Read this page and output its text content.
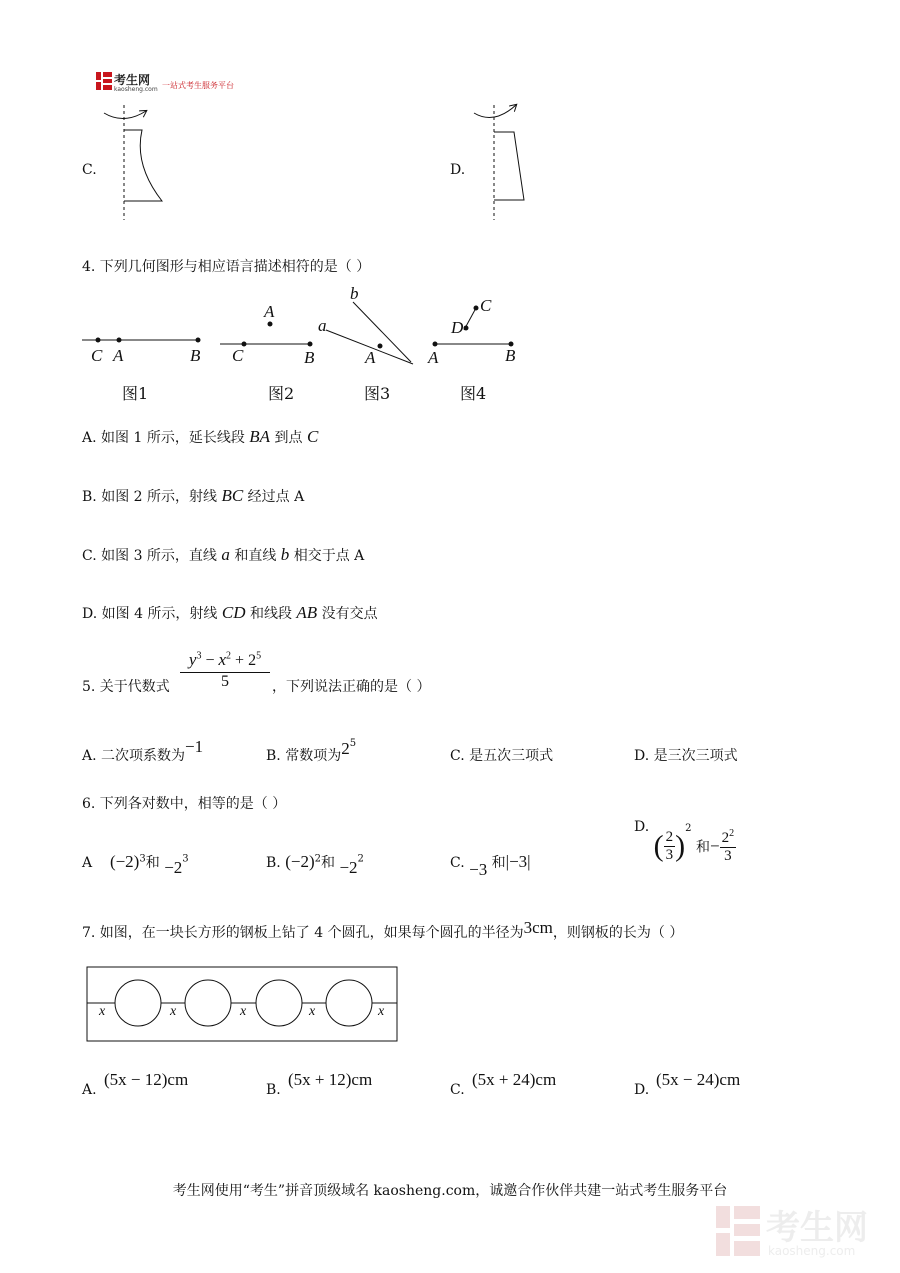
考生网
kaosheng.com 一站式考生服务平台
C.	D.
4. 下列几何图形与相应语言描述相符的是（ ）
C A	B
图1
A
C	B
图2
b
a
A
图3
C
D
A	B
图4
A. 如图 1 所示，延长线段 BA 到点 C
B. 如图 2 所示，射线 BC 经过点 A
C. 如图 3 所示，直线 a 和直线 b 相交于点 A
D. 如图 4 所示，射线 CD 和线段 AB 没有交点
5. 关于代数式
$y^3 - x^2 + 2^5$
5	，下列说法正确的是（ ）
A. 二次项系数为−1	B. 常数项为$2^5$
C. 是五次三项式	D. 是三次三项式
6. 下列各对数中，相等的是（ ）
A $(-2)^3$和 $-2^3$	B. $(-2)^2$和 $-2^2$	C. −3 和|−3|
D. ( $\frac{2}{3} )^2$ 和− $\frac{2^2}{3}$
7. 如图，在一块长方形的钢板上钻了 4 个圆孔，如果每个圆孔的半径为3cm，则钢板的长为（ ）
x	x	x	x	x
A.
(5x − 12)cm
B.
(5x + 12)cm
C.
(5x + 24)cm
D.
(5x − 24)cm
考生网使用“考生”拼音顶级域名 kaosheng.com，诚邀合作伙伴共建一站式考生服务平台
考生网
kaosheng.com
